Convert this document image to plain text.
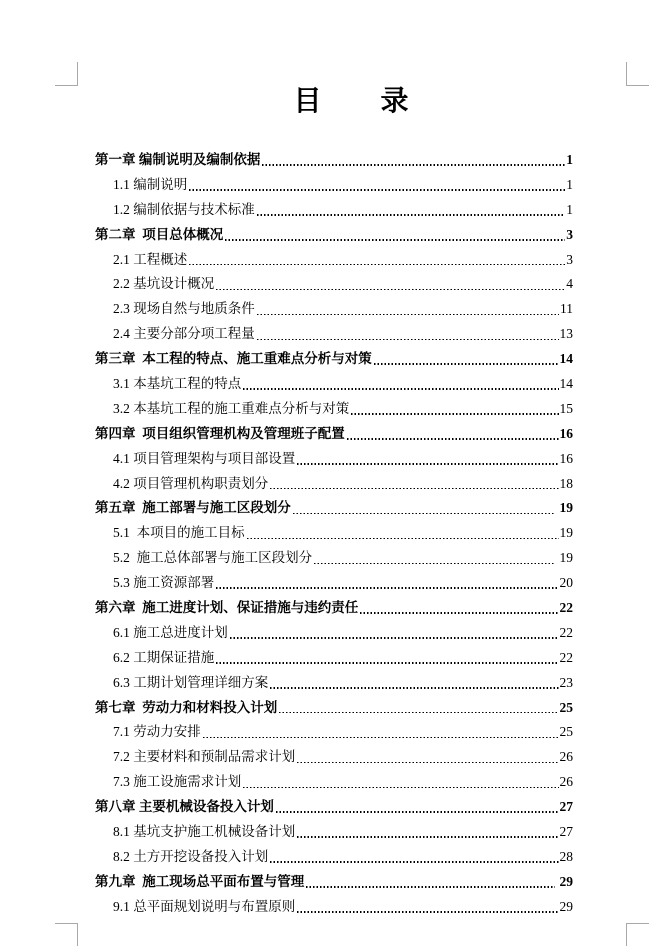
目　　录
第一章 编制说明及编制依据	1
1.1 编制说明	1
1.2 编制依据与技术标准	1
第二章  项目总体概况	3
2.1 工程概述	3
2.2 基坑设计概况	4
2.3 现场自然与地质条件	11
2.4 主要分部分项工程量	13
第三章  本工程的特点、施工重难点分析与对策	14
3.1 本基坑工程的特点	14
3.2 本基坑工程的施工重难点分析与对策	15
第四章  项目组织管理机构及管理班子配置	16
4.1 项目管理架构与项目部设置	16
4.2 项目管理机构职责划分	18
第五章  施工部署与施工区段划分	19
5.1  本项目的施工目标	19
5.2  施工总体部署与施工区段划分	19
5.3 施工资源部署	20
第六章  施工进度计划、保证措施与违约责任	22
6.1 施工总进度计划	22
6.2 工期保证措施	22
6.3 工期计划管理详细方案	23
第七章  劳动力和材料投入计划	25
7.1 劳动力安排	25
7.2 主要材料和预制品需求计划	26
7.3 施工设施需求计划	26
第八章 主要机械设备投入计划	27
8.1 基坑支护施工机械设备计划	27
8.2 土方开挖设备投入计划	28
第九章  施工现场总平面布置与管理	29
9.1 总平面规划说明与布置原则	29
